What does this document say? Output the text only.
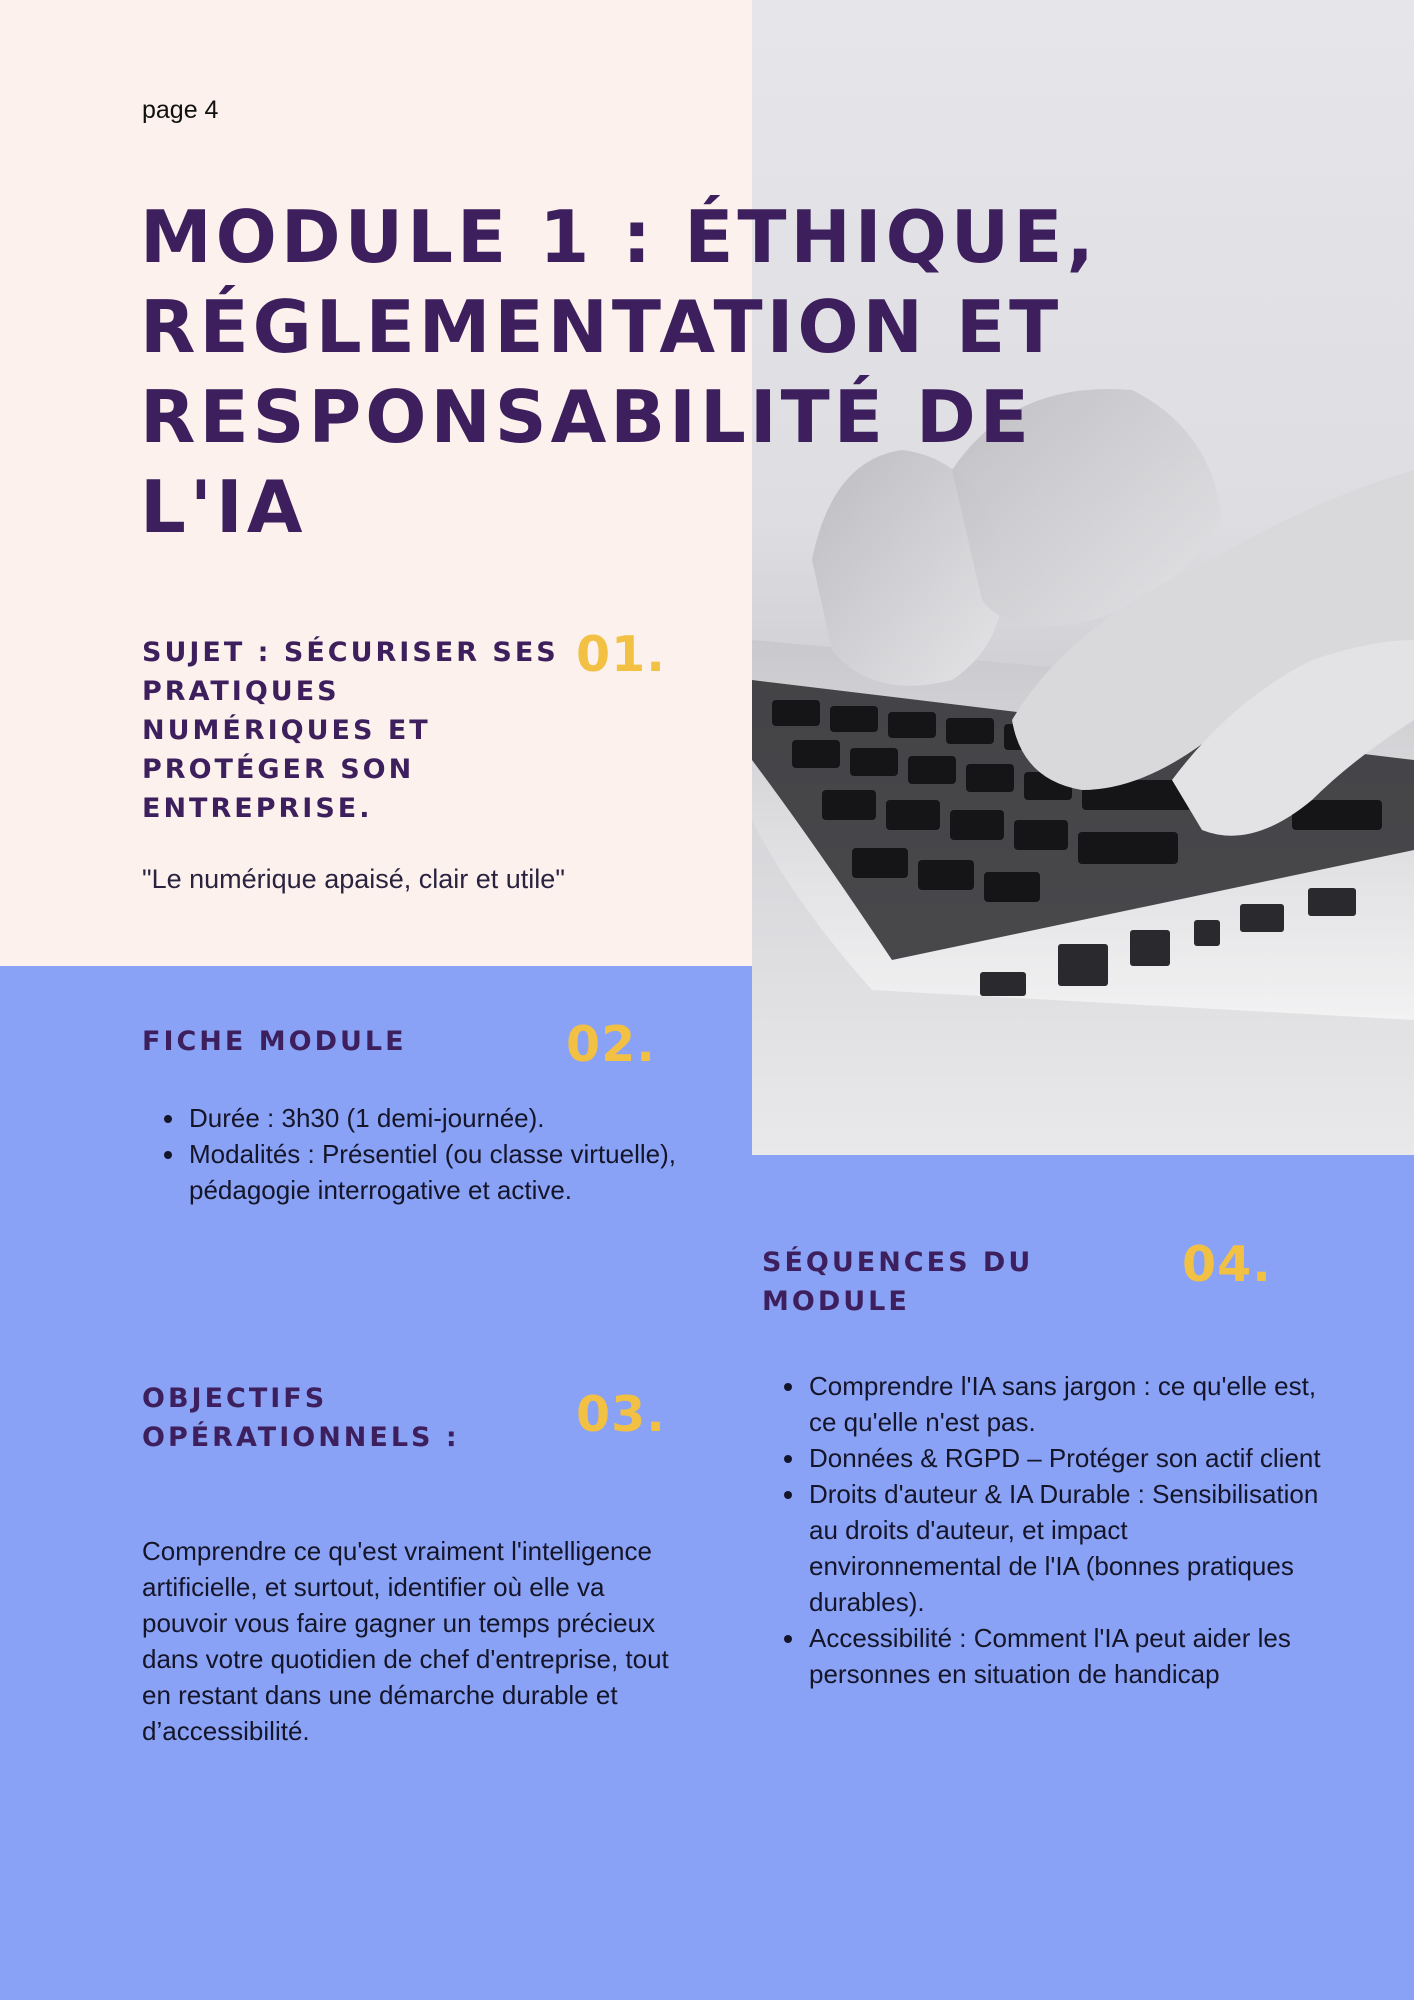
page 4
MODULE 1 : ÉTHIQUE, RÉGLEMENTATION ET RESPONSABILITÉ DE L'IA
SUJET : SÉCURISER SES PRATIQUES NUMÉRIQUES ET PROTÉGER SON ENTREPRISE.
01.
"Le numérique apaisé, clair et utile"
FICHE MODULE	02.
• Durée : 3h30 (1 demi-journée).
• Modalités : Présentiel (ou classe virtuelle), pédagogie interrogative et active.
OBJECTIFS OPÉRATIONNELS :	03.

Comprendre ce qu'est vraiment l'intelligence artificielle, et surtout, identifier où elle va pouvoir vous faire gagner un temps précieux dans votre quotidien de chef d'entreprise, tout en restant dans une démarche durable et d’accessibilité.

SÉQUENCES DU MODULE
04.
• Comprendre l'IA sans jargon : ce qu'elle est, ce qu'elle n'est pas.
• Données & RGPD – Protéger son actif client
• Droits d'auteur & IA Durable : Sensibilisation au droits d'auteur, et impact environnemental de l'IA (bonnes pratiques durables).
• Accessibilité : Comment l'IA peut aider les personnes en situation de handicap
